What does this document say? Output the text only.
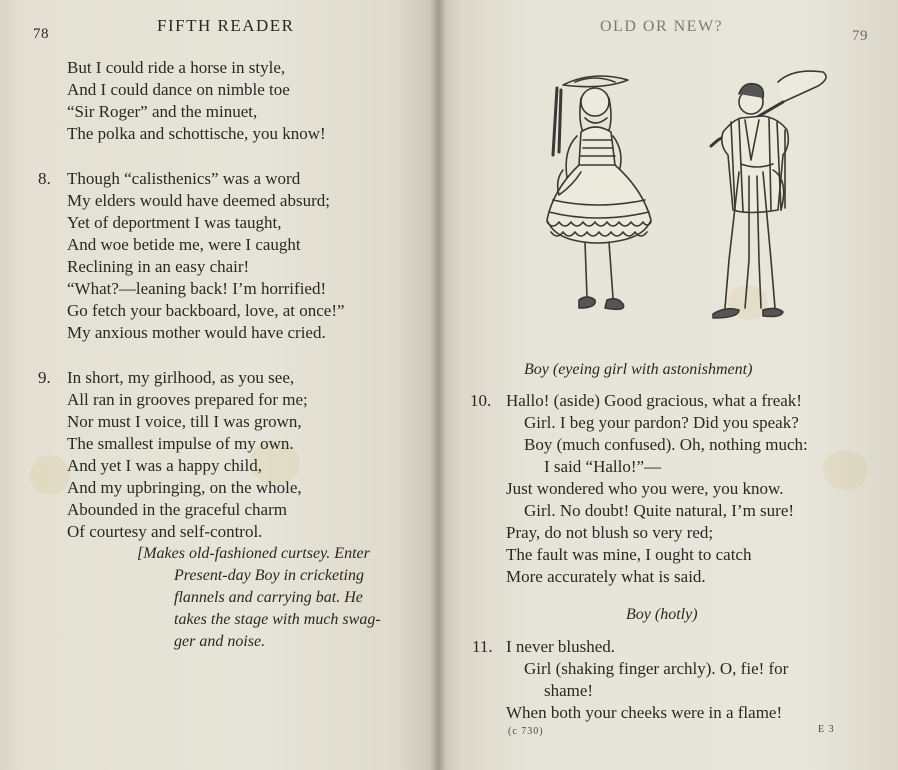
78	FIFTH READER
But I could ride a horse in style,
And I could dance on nimble toe
“Sir Roger” and the minuet,
The polka and schottische, you know!
8. Though “calisthenics” was a word
My elders would have deemed absurd;
Yet of deportment I was taught,
And woe betide me, were I caught
Reclining in an easy chair!
“What?—leaning back! I’m horrified!
Go fetch your backboard, love, at once!”
My anxious mother would have cried.
9. In short, my girlhood, as you see,
All ran in grooves prepared for me;
Nor must I voice, till I was grown,
The smallest impulse of my own.
And yet I was a happy child,
And my upbringing, on the whole,
Abounded in the graceful charm
Of courtesy and self-control.
[Makes old-fashioned curtsey. Enter
Present-day Boy in cricketing
flannels and carrying bat. He
takes the stage with much swag-
ger and noise.
OLD OR NEW?
79
Boy (eyeing girl with astonishment)
10. Hallo! (aside) Good gracious, what a freak!
Girl. I beg your pardon? Did you speak?
Boy (much confused). Oh, nothing much:
I said “Hallo!”—
Just wondered who you were, you know.
Girl. No doubt! Quite natural, I’m sure!
Pray, do not blush so very red;
The fault was mine, I ought to catch
More accurately what is said.
Boy (hotly)
11. I never blushed.
Girl (shaking finger archly). O, fie! for
shame!
When both your cheeks were in a flame!
(c 730)	E 3
